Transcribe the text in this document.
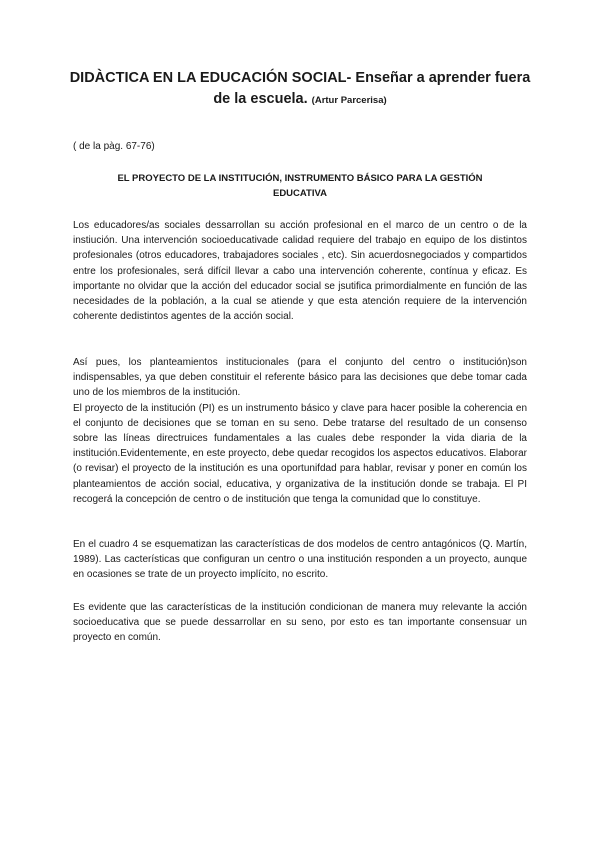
DIDÀCTICA EN LA EDUCACIÓN SOCIAL- Enseñar a aprender fuera de la escuela. (Artur Parcerisa)

( de la pàg. 67-76)

EL PROYECTO DE LA INSTITUCIÓN, INSTRUMENTO BÁSICO PARA LA GESTIÓN EDUCATIVA

Los educadores/as sociales dessarrollan su acción profesional en el marco de un centro o de la instiución. Una intervención socioeducativade calidad requiere del trabajo en equipo de los distintos profesionales (otros educadores, trabajadores sociales , etc). Sin acuerdosnegociados y compartidos entre los profesionales, será difícil llevar a cabo una intervención coherente, contínua y eficaz. Es importante no olvidar que la acción del educador social se jsutifica primordialmente en función de las necesidades de la población, a la cual se atiende y que esta atención requiere de la intervención coherente dedistintos agentes de la acción social.

Así pues, los planteamientos institucionales (para el conjunto del centro o institución)son indispensables, ya que deben constituir el referente básico para las decisiones que debe tomar cada uno de los miembros de la institución.
El proyecto de la institución (PI) es un instrumento básico y clave para hacer posible la coherencia en el conjunto de decisiones que se toman en su seno. Debe tratarse del resultado de un consenso sobre las líneas directruices fundamentales a las cuales debe responder la vida diaria de la institución.Evidentemente, en este proyecto, debe quedar recogidos los aspectos educativos. Elaborar (o revisar) el proyecto de la institución es una oportunifdad para hablar, revisar y poner en común los planteamientos de acción social, educativa, y organizativa de la institución donde se trabaja. El PI recogerá la concepción de centro o de institución que tenga la comunidad que lo constituye.

En el cuadro 4 se esquematizan las características de dos modelos de centro antagónicos (Q. Martín, 1989). Las cacterísticas que configuran un centro o una institución responden a un proyecto, aunque en ocasiones se trate de un proyecto implícito, no escrito.

Es evidente que las características de la institución condicionan de manera muy relevante la acción socioeducativa que se puede dessarrollar en su seno, por esto es tan importante consensuar un proyecto en común.
